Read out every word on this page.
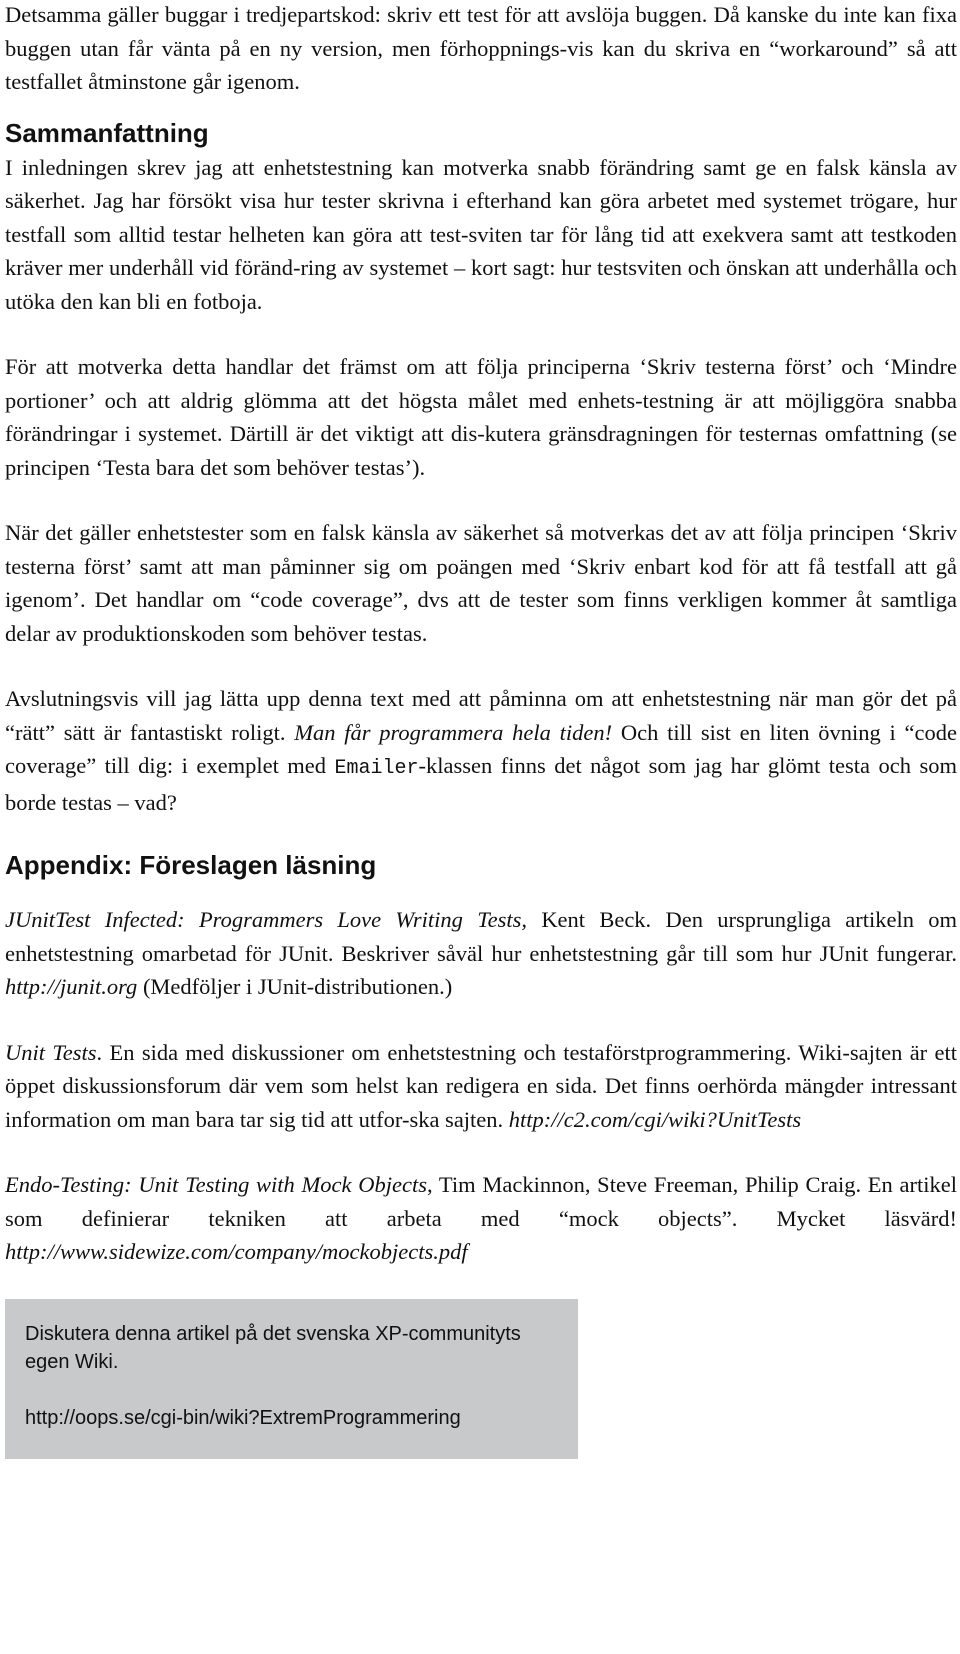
Detsamma gäller buggar i tredjepartskod: skriv ett test för att avslöja buggen. Då kanske du inte kan fixa buggen utan får vänta på en ny version, men förhoppnings-vis kan du skriva en “workaround” så att testfallet åtminstone går igenom.

Sammanfattning

I inledningen skrev jag att enhetstestning kan motverka snabb förändring samt ge en falsk känsla av säkerhet. Jag har försökt visa hur tester skrivna i efterhand kan göra arbetet med systemet trögare, hur testfall som alltid testar helheten kan göra att test-sviten tar för lång tid att exekvera samt att testkoden kräver mer underhåll vid föränd-ring av systemet – kort sagt: hur testsviten och önskan att underhålla och utöka den kan bli en fotboja.

För att motverka detta handlar det främst om att följa principerna ‘Skriv testerna först’ och ‘Mindre portioner’ och att aldrig glömma att det högsta målet med enhets-testning är att möjliggöra snabba förändringar i systemet. Därtill är det viktigt att dis-kutera gränsdragningen för testernas omfattning (se principen ‘Testa bara det som behöver testas’).

När det gäller enhetstester som en falsk känsla av säkerhet så motverkas det av att följa principen ‘Skriv testerna först’ samt att man påminner sig om poängen med ‘Skriv enbart kod för att få testfall att gå igenom’. Det handlar om “code coverage”, dvs att de tester som finns verkligen kommer åt samtliga delar av produktionskoden som behöver testas.

Avslutningsvis vill jag lätta upp denna text med att påminna om att enhetstestning när man gör det på “rätt” sätt är fantastiskt roligt. Man får programmera hela tiden! Och till sist en liten övning i “code coverage” till dig: i exemplet med Emailer-klassen finns det något som jag har glömt testa och som borde testas – vad?

Appendix: Föreslagen läsning

JUnitTest Infected: Programmers Love Writing Tests, Kent Beck. Den ursprungliga artikeln om enhetstestning omarbetad för JUnit. Beskriver såväl hur enhetstestning går till som hur JUnit fungerar. http://junit.org (Medföljer i JUnit-distributionen.)

Unit Tests. En sida med diskussioner om enhetstestning och testaförstprogrammering. Wiki-sajten är ett öppet diskussionsforum där vem som helst kan redigera en sida. Det finns oerhörda mängder intressant information om man bara tar sig tid att utfor-ska sajten. http://c2.com/cgi/wiki?UnitTests

Endo-Testing: Unit Testing with Mock Objects, Tim Mackinnon, Steve Freeman, Philip Craig. En artikel som definierar tekniken att arbeta med “mock objects”. Mycket läsvärd! http://www.sidewize.com/company/mockobjects.pdf

Diskutera denna artikel på det svenska XP-communityts egen Wiki.
http://oops.se/cgi-bin/wiki?ExtremProgrammering
